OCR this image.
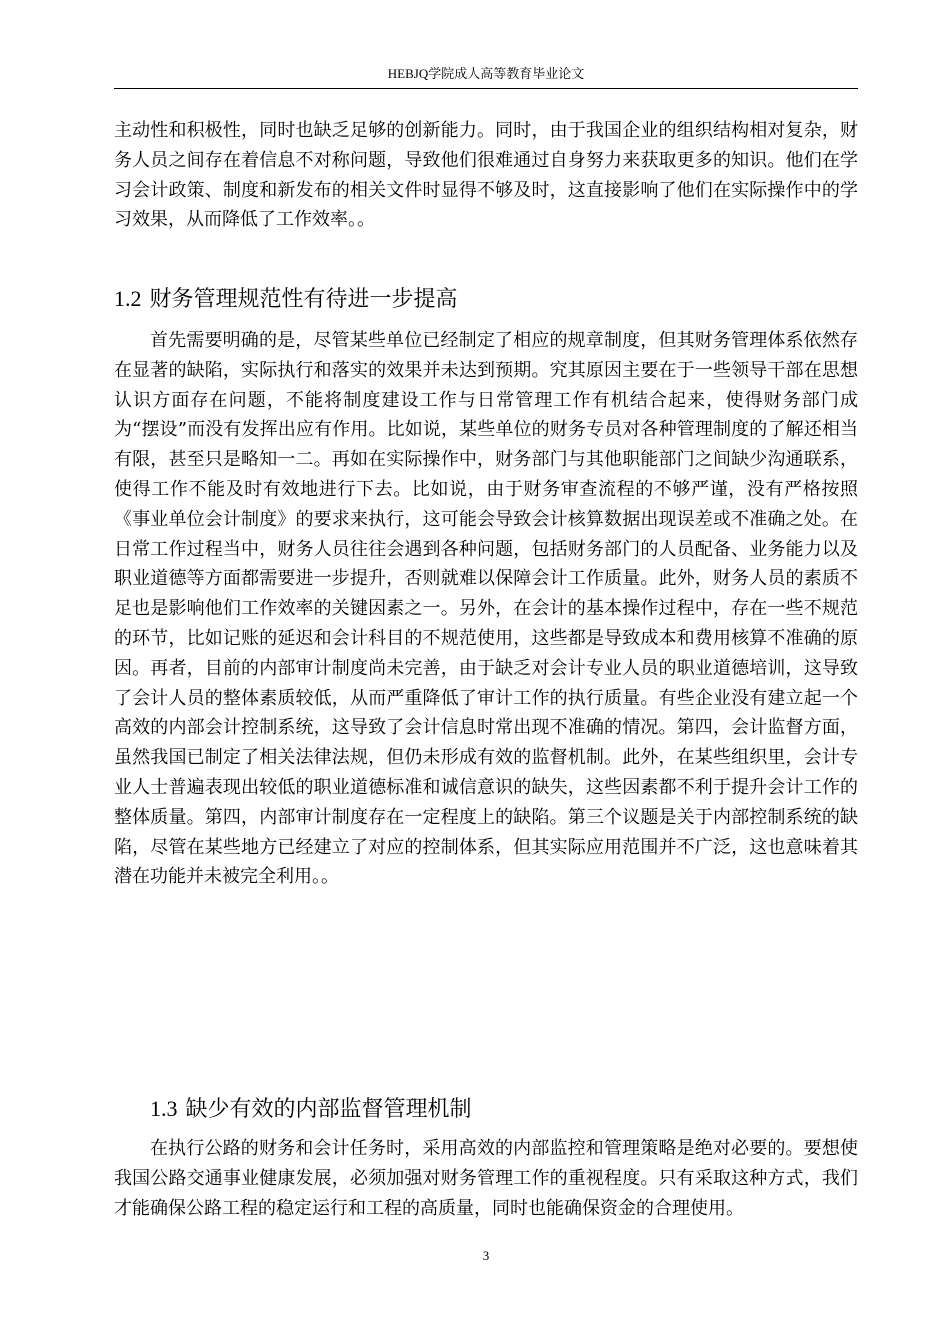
HEBJQ学院成人高等教育毕业论文

主动性和积极性，同时也缺乏足够的创新能力。同时，由于我国企业的组织结构相对复杂，财务人员之间存在着信息不对称问题，导致他们很难通过自身努力来获取更多的知识。他们在学习会计政策、制度和新发布的相关文件时显得不够及时，这直接影响了他们在实际操作中的学习效果，从而降低了工作效率。。

1.2 财务管理规范性有待进一步提高

首先需要明确的是，尽管某些单位已经制定了相应的规章制度，但其财务管理体系依然存在显著的缺陷，实际执行和落实的效果并未达到预期。究其原因主要在于一些领导干部在思想认识方面存在问题，不能将制度建设工作与日常管理工作有机结合起来，使得财务部门成为“摆设”而没有发挥出应有作用。比如说，某些单位的财务专员对各种管理制度的了解还相当有限，甚至只是略知一二。再如在实际操作中，财务部门与其他职能部门之间缺少沟通联系，使得工作不能及时有效地进行下去。比如说，由于财务审查流程的不够严谨，没有严格按照《事业单位会计制度》的要求来执行，这可能会导致会计核算数据出现误差或不准确之处。在日常工作过程当中，财务人员往往会遇到各种问题，包括财务部门的人员配备、业务能力以及职业道德等方面都需要进一步提升，否则就难以保障会计工作质量。此外，财务人员的素质不足也是影响他们工作效率的关键因素之一。另外，在会计的基本操作过程中，存在一些不规范的环节，比如记账的延迟和会计科目的不规范使用，这些都是导致成本和费用核算不准确的原因。再者，目前的内部审计制度尚未完善，由于缺乏对会计专业人员的职业道德培训，这导致了会计人员的整体素质较低，从而严重降低了审计工作的执行质量。有些企业没有建立起一个高效的内部会计控制系统，这导致了会计信息时常出现不准确的情况。第四，会计监督方面，虽然我国已制定了相关法律法规，但仍未形成有效的监督机制。此外，在某些组织里，会计专业人士普遍表现出较低的职业道德标准和诚信意识的缺失，这些因素都不利于提升会计工作的整体质量。第四，内部审计制度存在一定程度上的缺陷。第三个议题是关于内部控制系统的缺陷，尽管在某些地方已经建立了对应的控制体系，但其实际应用范围并不广泛，这也意味着其潜在功能并未被完全利用。。

1.3 缺少有效的内部监督管理机制

在执行公路的财务和会计任务时，采用高效的内部监控和管理策略是绝对必要的。要想使我国公路交通事业健康发展，必须加强对财务管理工作的重视程度。只有采取这种方式，我们才能确保公路工程的稳定运行和工程的高质量，同时也能确保资金的合理使用。

3
